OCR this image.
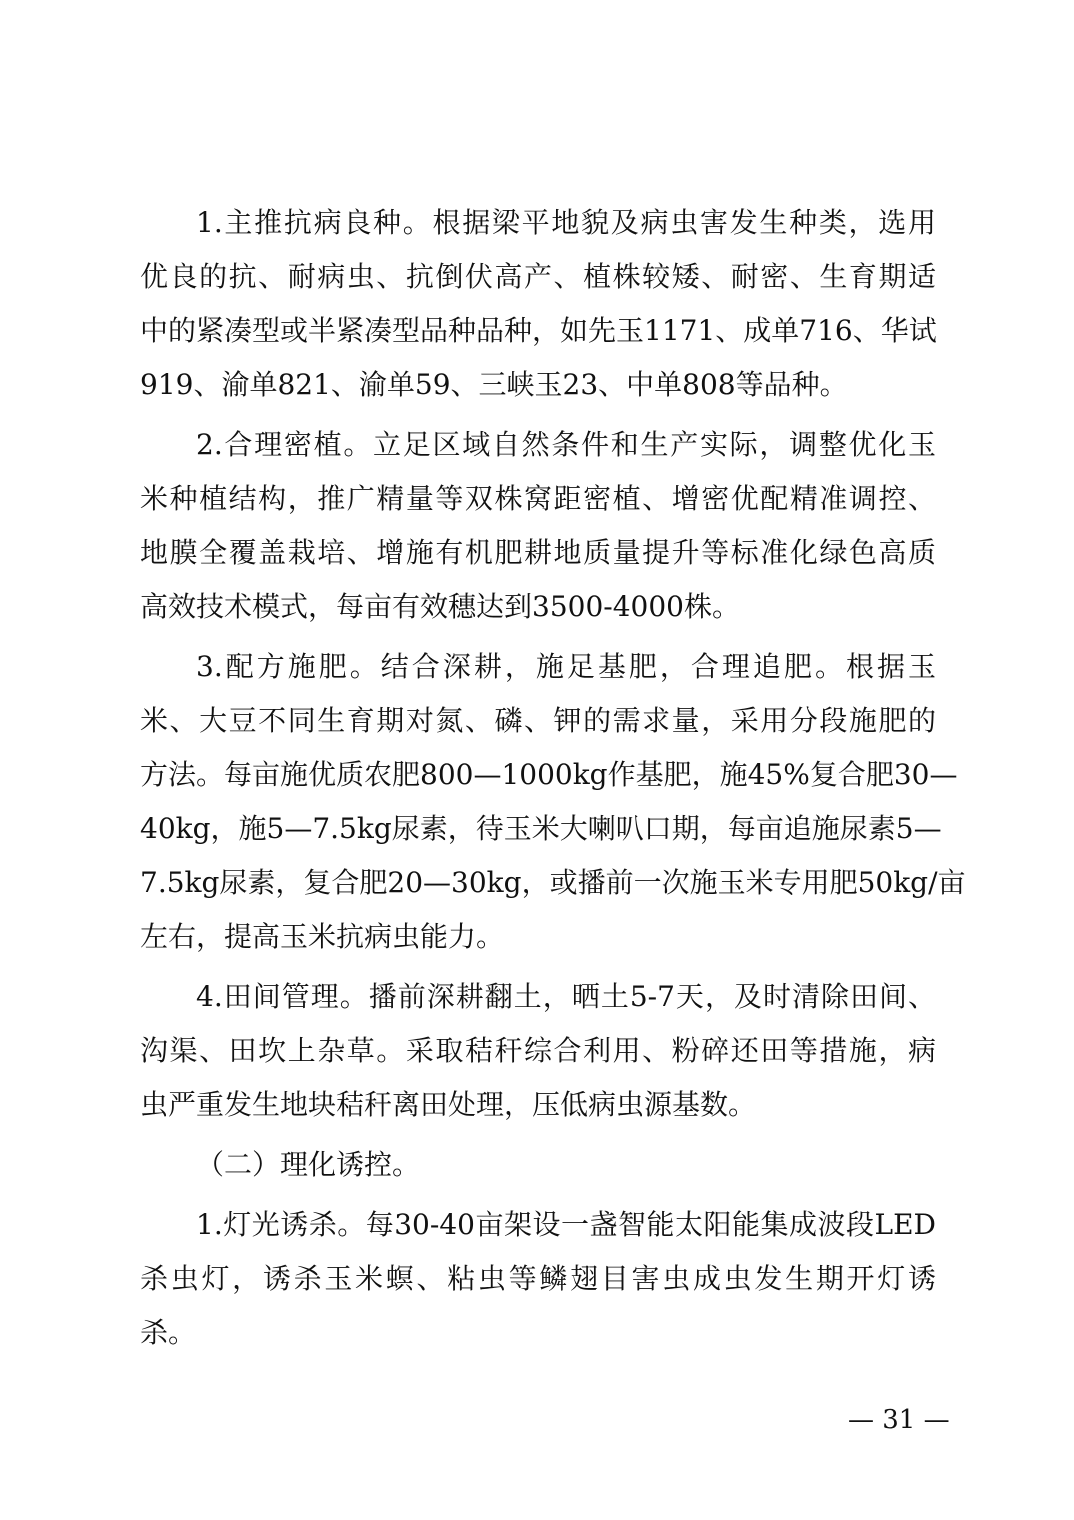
1.主推抗病良种。根据梁平地貌及病虫害发生种类，选用
优良的抗、耐病虫、抗倒伏高产、植株较矮、耐密、生育期适
中的紧凑型或半紧凑型品种品种，如先玉1171、成单716、华试
919、渝单821、渝单59、三峡玉23、中单808等品种。
2.合理密植。立足区域自然条件和生产实际，调整优化玉
米种植结构，推广精量等双株窝距密植、增密优配精准调控、
地膜全覆盖栽培、增施有机肥耕地质量提升等标准化绿色高质
高效技术模式，每亩有效穗达到3500-4000株。
3.配方施肥。结合深耕，施足基肥，合理追肥。根据玉
米、大豆不同生育期对氮、磷、钾的需求量，采用分段施肥的
方法。每亩施优质农肥800—1000kg作基肥，施45%复合肥30—
40kg，施5—7.5kg尿素，待玉米大喇叭口期，每亩追施尿素5—
7.5kg尿素，复合肥20—30kg，或播前一次施玉米专用肥50kg/亩
左右，提高玉米抗病虫能力。
4.田间管理。播前深耕翻土，晒土5-7天，及时清除田间、
沟渠、田坎上杂草。采取秸秆综合利用、粉碎还田等措施，病
虫严重发生地块秸秆离田处理，压低病虫源基数。
（二）理化诱控。
1.灯光诱杀。每30-40亩架设一盏智能太阳能集成波段LED
杀虫灯，诱杀玉米螟、粘虫等鳞翅目害虫成虫发生期开灯诱
杀。
— 31 —
